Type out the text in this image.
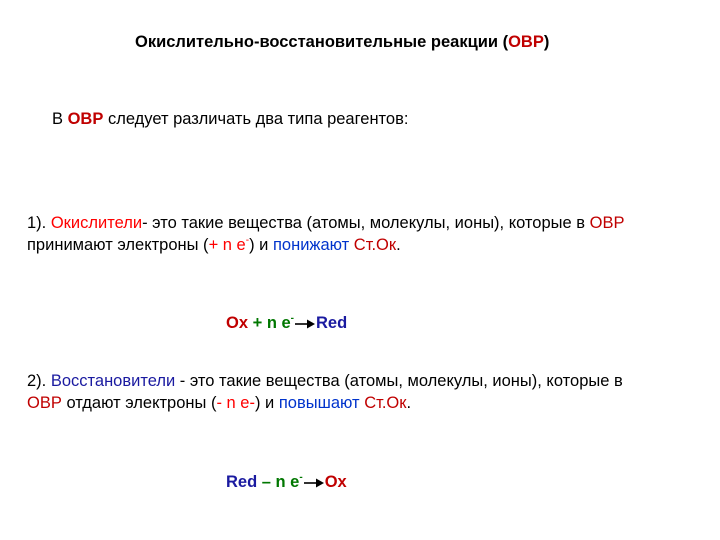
Окислительно-восстановительные реакции (ОВР)
В ОВР следует различать два типа реагентов:
1). Окислители- это такие вещества (атомы, молекулы, ионы), которые в ОВР
принимают электроны (+ n e-) и понижают Ст.Ок.
Ox + n e- Red
2). Восстановители - это такие вещества (атомы, молекулы, ионы), которые в
ОВР отдают электроны (- n e-) и повышают Ст.Ок.
Red – n e- Ox
